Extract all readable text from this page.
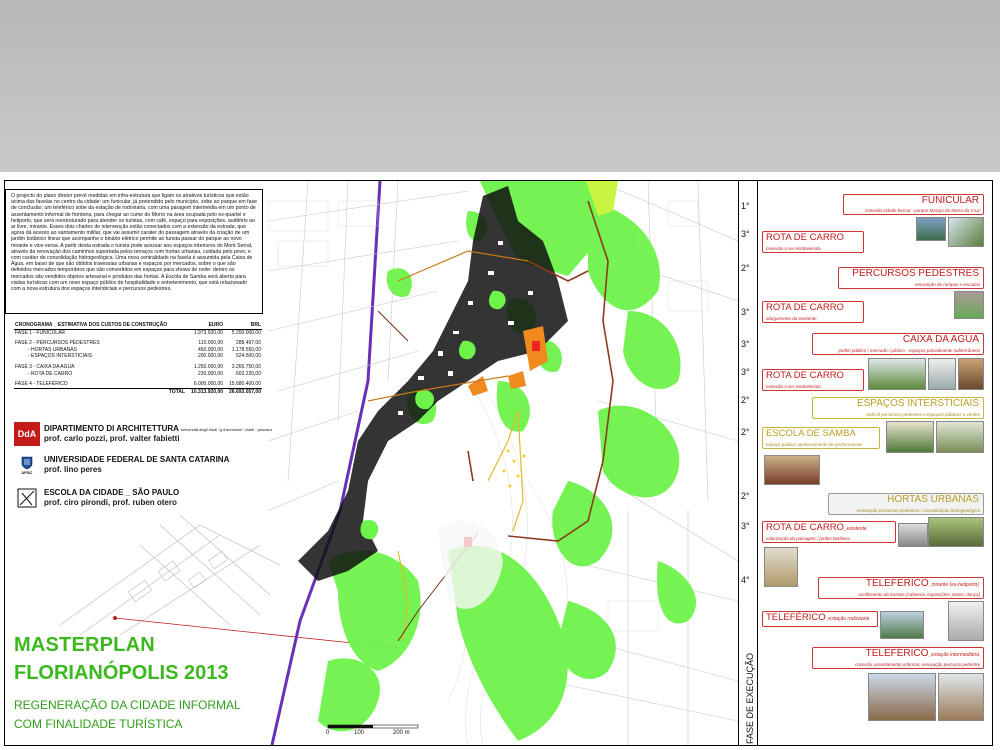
O projecto do plano diretor prevê medidas em infra-estrutura que ligam os atrativos turísticos que estão acima das favelas no centro da cidade: um funicular, já pretendido pelo município, sobe ao parque em fase de conclusão; um teleférico sobe da estação de rodoviaria, com uma paragem intermédia em um ponto de assentamento informal de fronteira, para chegar ao cume do Morro na área ocupada pelo ex-quartel e heliporto, que será reestruturado para atender os turistas, com café, espaço para exposições, auditório ao ar livre, mirante. Esses dois charles de intervenção estão conectados com a extensão da estrada, que agora dá acesso ao santamento militar, que vai assumir caráter do passagem através da criação de um jardim botânico linear que acompanhe o binário elétrico permite ao turista passar do parque ao novo mirante e vice-versa. A partir desta estrada o turista pode acessar aos espaços interiores do Mont Serrat, através da renovação dos caminhos suportada pelos terraços com hortas urbanas, cuidada pelo povo, e com caráter de consolidação hidrogeológica. Uma nova centralidade na favela é assumida pela Caixa de Água, em baixo de que são obtidos travessias urbanas e espaços por mercados, sobre o que são definidos mercados temporários que são convertidos em espaços para shows de noite: dentro os mercados são vendidos objetos artesanal e produtos das hortas. A Escola de Samba será aberta para visitas turísticas com um novo espaço público de hospitalidade e entretenimento, que está relacionado com a nova estrutura dos espaços intersticiais e percursos pedestres.
CRONOGRAMA _ ESTIMATIVA DOS CUSTOS DE CONSTRUÇÃO	EURO	BRL
FASE 1 - FUNICULAR	1.973.920,00	5.200.000,00

FASE 2 - PERCURSOS PEDESTRES	110.000,00	288.497,00
- HORTAS URBANAS	450.000,00	1.178.550,00
- ESPAÇOS INTERSTICIAIS	200.000,00	524.500,00

FASE 3 - CAIXA DA AGUA	1.250.000,00	3.266.750,00
- ROTA DE CARRO	230.000,00	603.220,00

FASE 4 - TELEFÉRICO	6.000.000,00	15.680.400,00
TOTAL	10.313.920,00	26.693.057,00
DdA
DIPARTIMENTO DI ARCHITETTURA università degli studi "g.d'annunzio" chieti - pescara
prof. carlo pozzi, prof. valter fabietti
UFSC
UNIVERSIDADE FEDERAL DE SANTA CATARINA
prof. lino peres
ESCOLA DA CIDADE _ SÃO PAULO
prof. ciro pirondi, prof. ruben otero
MASTERPLAN
FLORIANÓPOLIS 2013
REGENERAÇÃO DA CIDADE INFORMAL
COM FINALIDADE TURÍSTICA
0	100	200 m
1°
3°
2°
3°
3°
3°
2°
2°
2°
3°
4°
FASE DE EXECUÇÃO
FUNICULAR
conexão cidade formal - parque Maciço do Morro da Cruz
ROTA DE CARRO
conexão a ser estabelecida
PERCURSOS PEDESTRES
renovação de rampas e escadas
ROTA DE CARRO
alargamento da existente
CAIXA DA AGUA
jardim público / mercado / pórtico - espaços parcialmente subterrâneos
ROTA DE CARRO
conexão a ser estabelecida
ESPAÇOS INTERSTICIAIS
rede di percursos pedestres e espaços públicos e verdes
ESCOLA DE SAMBA
espaço público aprimoramento de performances
HORTAS URBANAS
renovação percursos pedestres / consolidação hidrogeológica
ROTA DE CARRO_existente
valorização da paisagem / jardim botânico
TELEFÉRICO_mirante (ex-heliporto)
acolhimento de turistas (cafeteria, exposições, teatro, dança)
TELEFÉRICO_estação rodoviaria
TELEFÉRICO_estação intermediária
conexão assentamento informal, renovação percurso pedestre
